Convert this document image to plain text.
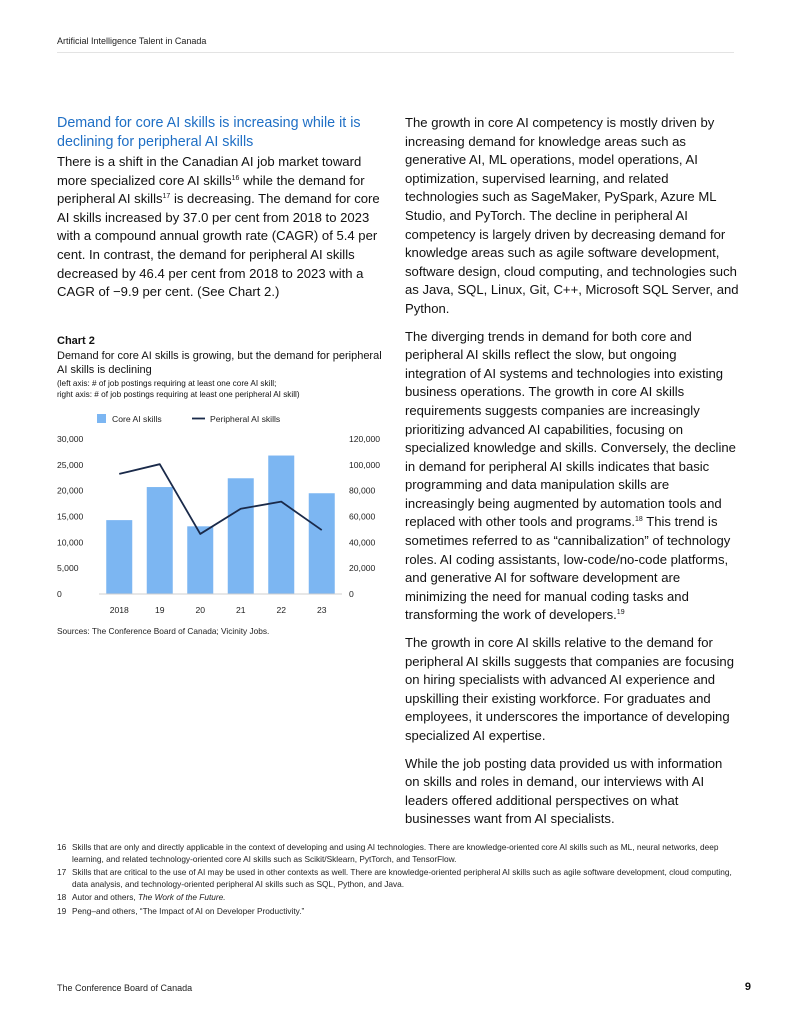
Artificial Intelligence Talent in Canada
Demand for core AI skills is increasing while it is declining for peripheral AI skills

There is a shift in the Canadian AI job market toward more specialized core AI skills$^{16}$ while the demand for peripheral AI skills$^{17}$ is decreasing. The demand for core AI skills increased by 37.0 per cent from 2018 to 2023 with a compound annual growth rate (CAGR) of 5.4 per cent. In contrast, the demand for peripheral AI skills decreased by 46.4 per cent from 2018 to 2023 with a CAGR of −9.9 per cent. (See Chart 2.)

Chart 2
Demand for core AI skills is growing, but the demand for peripheral AI skills is declining
(left axis: # of job postings requiring at least one core AI skill;
right axis: # of job postings requiring at least one peripheral AI skill)
Core AI skills	Peripheral AI skills
0	0
5,000	20,000
10,000	40,000
15,000	60,000
20,000	80,000
25,000	100,000
30,000	120,000
2018	19	20	21	22	23
Sources: The Conference Board of Canada; Vicinity Jobs.

The growth in core AI competency is mostly driven by increasing demand for knowledge areas such as generative AI, ML operations, model operations, AI optimization, supervised learning, and related technologies such as SageMaker, PySpark, Azure ML Studio, and PyTorch. The decline in peripheral AI competency is largely driven by decreasing demand for knowledge areas such as agile software development, software design, cloud computing, and technologies such as Java, SQL, Linux, Git, C++, Microsoft SQL Server, and Python.

The diverging trends in demand for both core and peripheral AI skills reflect the slow, but ongoing integration of AI systems and technologies into existing business operations. The growth in core AI skills requirements suggests companies are increasingly prioritizing advanced AI capabilities, focusing on specialized knowledge and skills. Conversely, the decline in demand for peripheral AI skills indicates that basic programming and data manipulation skills are increasingly being augmented by automation tools and replaced with other tools and programs.$^{18}$ This trend is sometimes referred to as “cannibalization” of technology roles. AI coding assistants, low-code/no-code platforms, and generative AI for software development are minimizing the need for manual coding tasks and transforming the work of developers.$^{19}$

The growth in core AI skills relative to the demand for peripheral AI skills suggests that companies are focusing on hiring specialists with advanced AI experience and upskilling their existing workforce. For graduates and employees, it underscores the importance of developing specialized AI expertise.

While the job posting data provided us with information on skills and roles in demand, our interviews with AI leaders offered additional perspectives on what businesses want from AI specialists.

16 Skills that are only and directly applicable in the context of developing and using AI technologies. There are knowledge-oriented core AI skills such as ML, neural networks, deep learning, and related technology-oriented core AI skills such as Scikit/Sklearn, PytTorch, and TensorFlow.
17 Skills that are critical to the use of AI may be used in other contexts as well. There are knowledge-oriented peripheral AI skills such as agile software development, cloud computing, data analysis, and technology-oriented peripheral AI skills such as SQL, Python, and Java.
18 Autor and others, The Work of the Future.
19 Peng–and others, “The Impact of AI on Developer Productivity.”
The Conference Board of Canada	9
